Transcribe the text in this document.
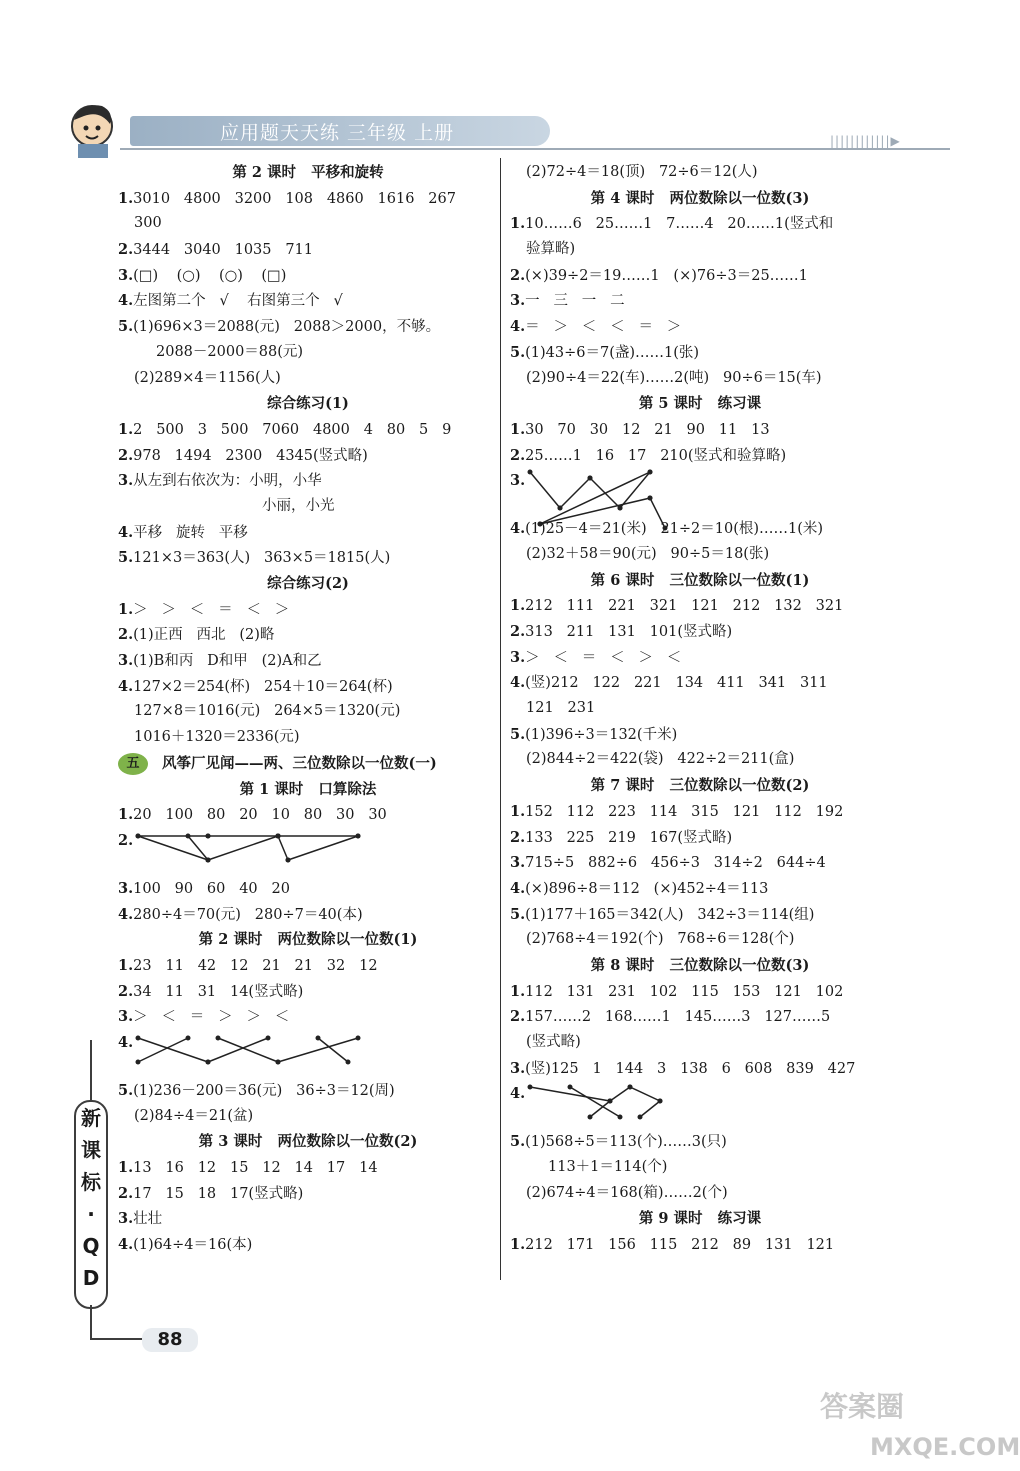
应用题天天练 三年级 上册	||||||||||||▶
第 2 课时   平移和旋转
1.3010   4800   3200   108   4860   1616   267
300
2.3444   3040   1035   711
3.(□)    (○)    (○)    (□)
4.左图第二个   √    右图第三个   √
5.(1)696×3＝2088(元)   2088＞2000，不够。
2088－2000＝88(元)
(2)289×4＝1156(人)
综合练习(1)
1.2   500   3   500   7060   4800   4   80   5   9
2.978   1494   2300   4345(竖式略)
3.从左到右依次为：小明，小华
小丽，小光
4.平移   旋转   平移
5.121×3＝363(人)   363×5＝1815(人)
综合练习(2)
1.＞   ＞   ＜   ＝   ＜   ＞
2.(1)正西   西北   (2)略
3.(1)B和丙   D和甲   (2)A和乙
4.127×2＝254(杯)   254＋10＝264(杯)
127×8＝1016(元)   264×5＝1320(元)
1016＋1320＝2336(元)
五	风筝厂见闻——两、三位数除以一位数(一)
第 1 课时   口算除法
1.20   100   80   20   10   80   30   30
2.
3.100   90   60   40   20
4.280÷4＝70(元)   280÷7＝40(本)
第 2 课时   两位数除以一位数(1)
1.23   11   42   12   21   21   32   12
2.34   11   31   14(竖式略)
3.＞   ＜   ＝   ＞   ＞   ＜
4.
5.(1)236－200＝36(元)   36÷3＝12(周)
(2)84÷4＝21(盆)
第 3 课时   两位数除以一位数(2)
1.13   16   12   15   12   14   17   14
2.17   15   18   17(竖式略)
3.壮壮
4.(1)64÷4＝16(本)
(2)72÷4＝18(顶)   72÷6＝12(人)
第 4 课时   两位数除以一位数(3)
1.10……6   25……1   7……4   20……1(竖式和
验算略)
2.(×)39÷2＝19……1   (×)76÷3＝25……1
3.一   三   一   二
4.＝   ＞   ＜   ＜   ＝   ＞
5.(1)43÷6＝7(盏)……1(张)
(2)90÷4＝22(车)……2(吨)   90÷6＝15(车)
第 5 课时   练习课
1.30   70   30   12   21   90   11   13
2.25……1   16   17   210(竖式和验算略)
3.
4.(1)25－4＝21(米)   21÷2＝10(根)……1(米)
(2)32＋58＝90(元)   90÷5＝18(张)
第 6 课时   三位数除以一位数(1)
1.212   111   221   321   121   212   132   321
2.313   211   131   101(竖式略)
3.＞   ＜   ＝   ＜   ＞   ＜
4.(竖)212   122   221   134   411   341   311
121   231
5.(1)396÷3＝132(千米)
(2)844÷2＝422(袋)   422÷2＝211(盒)
第 7 课时   三位数除以一位数(2)
1.152   112   223   114   315   121   112   192
2.133   225   219   167(竖式略)
3.715÷5   882÷6   456÷3   314÷2   644÷4
4.(×)896÷8＝112   (×)452÷4＝113
5.(1)177＋165＝342(人)   342÷3＝114(组)
(2)768÷4＝192(个)   768÷6＝128(个)
第 8 课时   三位数除以一位数(3)
1.112   131   231   102   115   153   121   102
2.157……2   168……1   145……3   127……5
(竖式略)
3.(竖)125   1   144   3   138   6   608   839   427
4.
5.(1)568÷5＝113(个)……3(只)
113＋1＝114(个)
(2)674÷4＝168(箱)……2(个)
第 9 课时   练习课
1.212   171   156   115   212   89   131   121
新
课
标
·
Q
D
88
答案圈
MXQE.COM
